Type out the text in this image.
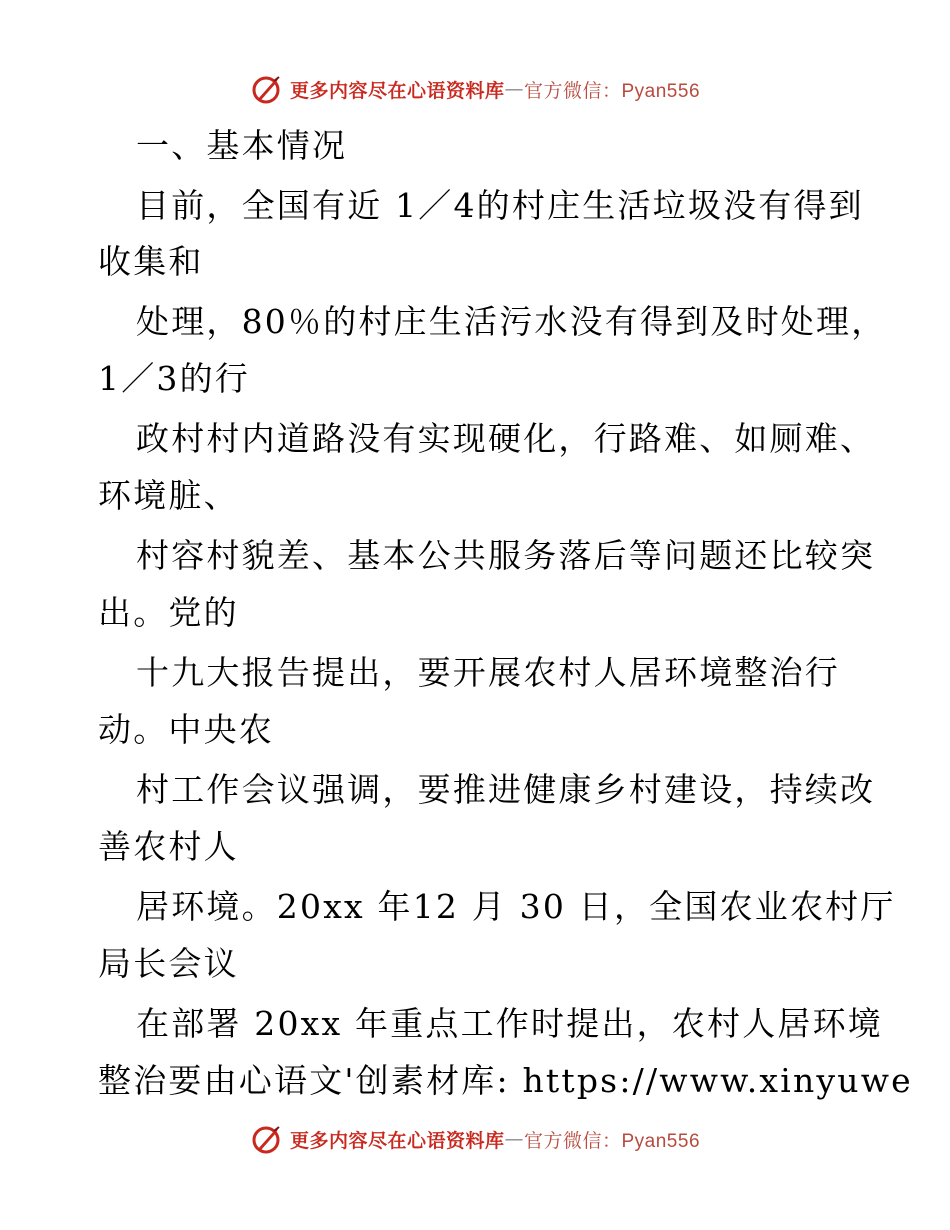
更多内容尽在心语资料库 — 官方微信：Pyan556
一、基本情况
目前，全国有近 1／4的村庄生活垃圾没有得到
收集和
处理，80％的村庄生活污水没有得到及时处理，
1／3的行
政村村内道路没有实现硬化，行路难、如厕难、
环境脏、
村容村貌差、基本公共服务落后等问题还比较突
出。党的
十九大报告提出，要开展农村人居环境整治行
动。中央农
村工作会议强调，要推进健康乡村建设，持续改
善农村人
居环境。20xx 年12 月 30 日，全国农业农村厅
局长会议
在部署 20xx 年重点工作时提出，农村人居环境
整治要由心语文'创素材库: https://www.xinyuwe
更多内容尽在心语资料库 — 官方微信：Pyan556
